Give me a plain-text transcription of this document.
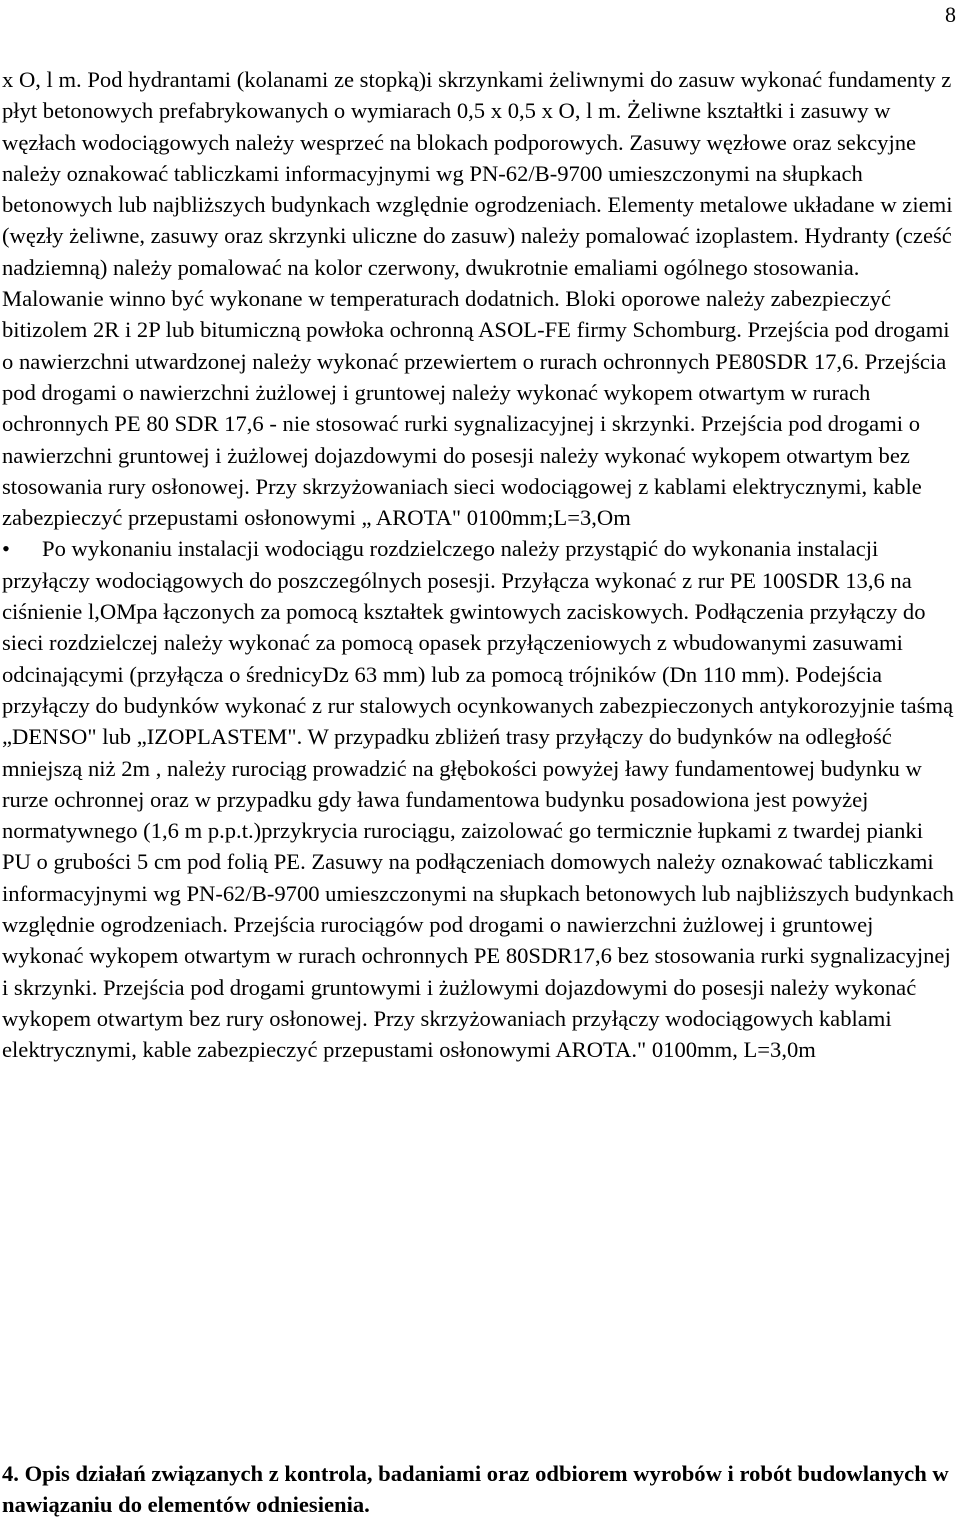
8

x O, l m. Pod hydrantami (kolanami ze stopką)i skrzynkami żeliwnymi do zasuw wykonać fundamenty z płyt betonowych prefabrykowanych o wymiarach 0,5 x 0,5 x O, l m. Żeliwne kształtki i zasuwy w węzłach wodociągowych należy wesprzeć na blokach podporowych. Zasuwy węzłowe oraz sekcyjne należy oznakować tabliczkami informacyjnymi wg PN-62/B-9700 umieszczonymi na słupkach betonowych lub najbliższych budynkach względnie ogrodzeniach. Elementy metalowe układane w ziemi (węzły żeliwne, zasuwy oraz skrzynki uliczne do zasuw) należy pomalować izoplastem. Hydranty (cześć nadziemną) należy pomalować na kolor czerwony, dwukrotnie emaliami ogólnego stosowania. Malowanie winno być wykonane w temperaturach dodatnich. Bloki oporowe należy zabezpieczyć bitizolem 2R i 2P lub bitumiczną powłoka ochronną ASOL-FE firmy Schomburg. Przejścia pod drogami o nawierzchni utwardzonej należy wykonać przewiertem o rurach ochronnych PE80SDR 17,6. Przejścia pod drogami o nawierzchni żużlowej i gruntowej należy wykonać wykopem otwartym w rurach ochronnych PE 80 SDR 17,6 - nie stosować rurki sygnalizacyjnej i skrzynki. Przejścia pod drogami o nawierzchni gruntowej i żużlowej dojazdowymi do posesji należy wykonać wykopem otwartym bez stosowania rury osłonowej. Przy skrzyżowaniach sieci wodociągowej z kablami elektrycznymi, kable zabezpieczyć przepustami osłonowymi „ AROTA" 0100mm;L=3,Om

• Po wykonaniu instalacji wodociągu rozdzielczego należy przystąpić do wykonania instalacji przyłączy wodociągowych do poszczególnych posesji. Przyłącza wykonać z rur PE 100SDR 13,6 na ciśnienie l,OMpa łączonych za pomocą kształtek gwintowych zaciskowych. Podłączenia przyłączy do sieci rozdzielczej należy wykonać za pomocą opasek przyłączeniowych z wbudowanymi zasuwami odcinającymi (przyłącza o średnicyDz 63 mm) lub za pomocą trójników (Dn 110 mm). Podejścia przyłączy do budynków wykonać z rur stalowych ocynkowanych zabezpieczonych antykorozyjnie taśmą „DENSO" lub „IZOPLASTEM". W przypadku zbliżeń trasy przyłączy do budynków na odległość mniejszą niż 2m , należy rurociąg prowadzić na głębokości powyżej ławy fundamentowej budynku w rurze ochronnej oraz w przypadku gdy ława fundamentowa budynku posadowiona jest powyżej normatywnego (1,6 m p.p.t.)przykrycia rurociągu, zaizolować go termicznie łupkami z twardej pianki PU o grubości 5 cm pod folią PE. Zasuwy na podłączeniach domowych należy oznakować tabliczkami informacyjnymi wg PN-62/B-9700 umieszczonymi na słupkach betonowych lub najbliższych budynkach względnie ogrodzeniach. Przejścia rurociągów pod drogami o nawierzchni żużlowej i gruntowej wykonać wykopem otwartym w rurach ochronnych PE 80SDR17,6 bez stosowania rurki sygnalizacyjnej i skrzynki. Przejścia pod drogami gruntowymi i żużlowymi dojazdowymi do posesji należy wykonać wykopem otwartym bez rury osłonowej. Przy skrzyżowaniach przyłączy wodociągowych kablami elektrycznymi, kable zabezpieczyć przepustami osłonowymi AROTA." 0100mm, L=3,0m

4. Opis działań związanych z kontrola, badaniami oraz odbiorem wyrobów i robót budowlanych w nawiązaniu do elementów odniesienia.
